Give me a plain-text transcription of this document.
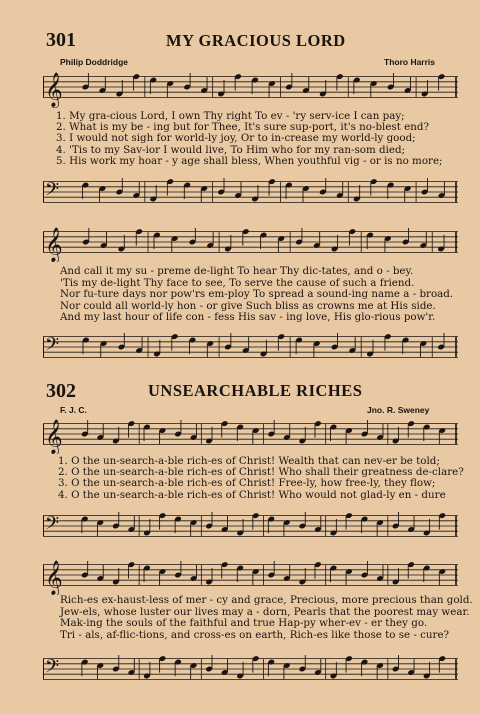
301	MY GRACIOUS LORD
Philip Doddridge	Thoro Harris
𝄞
1. My gra-cious Lord, I own Thy right To ev - 'ry serv-ice I can pay;
2. What is my be - ing but for Thee, It's sure sup-port, it's no-blest end?
3. I would not sigh for world-ly joy, Or to in-crease my world-ly good;
4. 'Tis to my Sav-ior I would live, To Him who for my ran-som died;
5. His work my hoar - y age shall bless, When youthful vig - or is no more;
𝄢
𝄞
And call it my su - preme de-light To hear Thy dic-tates, and o - bey.
'Tis my de-light Thy face to see, To serve the cause of such a friend.
Nor fu-ture days nor pow'rs em-ploy To spread a sound-ing name a - broad.
Nor could all world-ly hon - or give Such bliss as crowns me at His side.
And my last hour of life con - fess His sav - ing love, His glo-rious pow'r.
𝄢
302	UNSEARCHABLE RICHES
F. J. C.	Jno. R. Sweney
𝄞
1. O the un-search-a-ble rich-es of Christ! Wealth that can nev-er be told;
2. O the un-search-a-ble rich-es of Christ! Who shall their greatness de-clare?
3. O the un-search-a-ble rich-es of Christ! Free-ly, how free-ly, they flow;
4. O the un-search-a-ble rich-es of Christ! Who would not glad-ly en - dure
𝄢
𝄞
Rich-es ex-haust-less of mer - cy and grace, Precious, more precious than gold.
Jew-els, whose luster our lives may a - dorn, Pearls that the poorest may wear.
Mak-ing the souls of the faithful and true Hap-py wher-ev - er they go.
Tri - als, af-flic-tions, and cross-es on earth, Rich-es like those to se - cure?
𝄢
